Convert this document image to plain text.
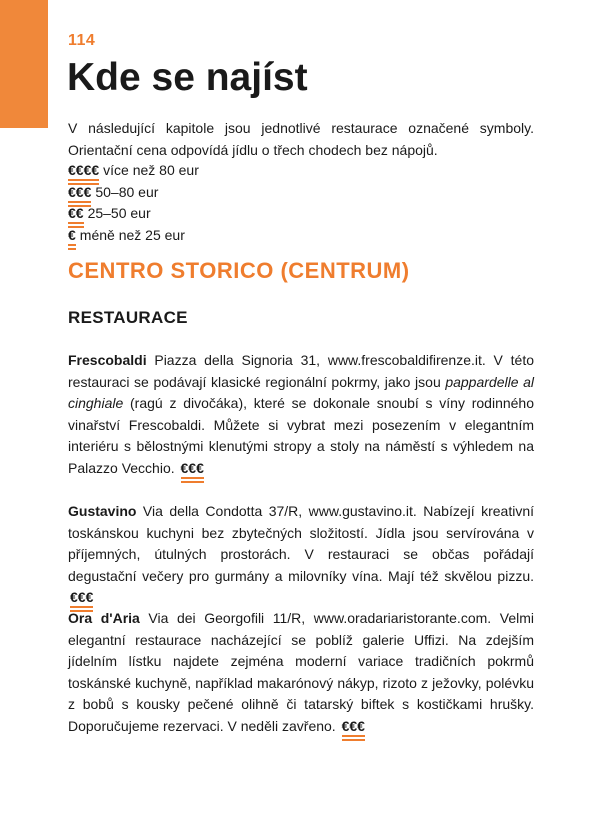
114
Kde se najíst

V následující kapitole jsou jednotlivé restaurace označené symboly. Orientační cena odpovídá jídlu o třech chodech bez nápojů.

€€€€ více než 80 eur
€€€ 50–80 eur
€€ 25–50 eur
€ méně než 25 eur
CENTRO STORICO (CENTRUM)
RESTAURACE

Frescobaldi Piazza della Signoria 31, www.frescobaldifirenze.it. V této restauraci se podávají klasické regionální pokrmy, jako jsou pappardelle al cinghiale (ragú z divočáka), které se dokonale snoubí s víny rodinného vinařství Frescobaldi. Můžete si vybrat mezi posezením v elegantním interiéru s bělostnými klenutými stropy a stoly na náměstí s výhledem na Palazzo Vecchio. €€€

Gustavino Via della Condotta 37/R, www.gustavino.it. Nabízejí kreativní toskánskou kuchyni bez zbytečných složitostí. Jídla jsou servírována v příjemných, útulných prostorách. V restauraci se občas pořádají degustační večery pro gurmány a milovníky vína. Mají též skvělou pizzu. €€€

Ora d'Aria Via dei Georgofili 11/R, www.oradariaristorante.com. Velmi elegantní restaurace nacházející se poblíž galerie Uffizi. Na zdejším jídelním lístku najdete zejména moderní variace tradičních pokrmů toskánské kuchyně, například makarónový nákyp, rizoto z ježovky, polévku z bobů s kousky pečené olihně či tatarský biftek s kostičkami hrušky. Doporučujeme rezervaci. V neděli zavřeno. €€€
